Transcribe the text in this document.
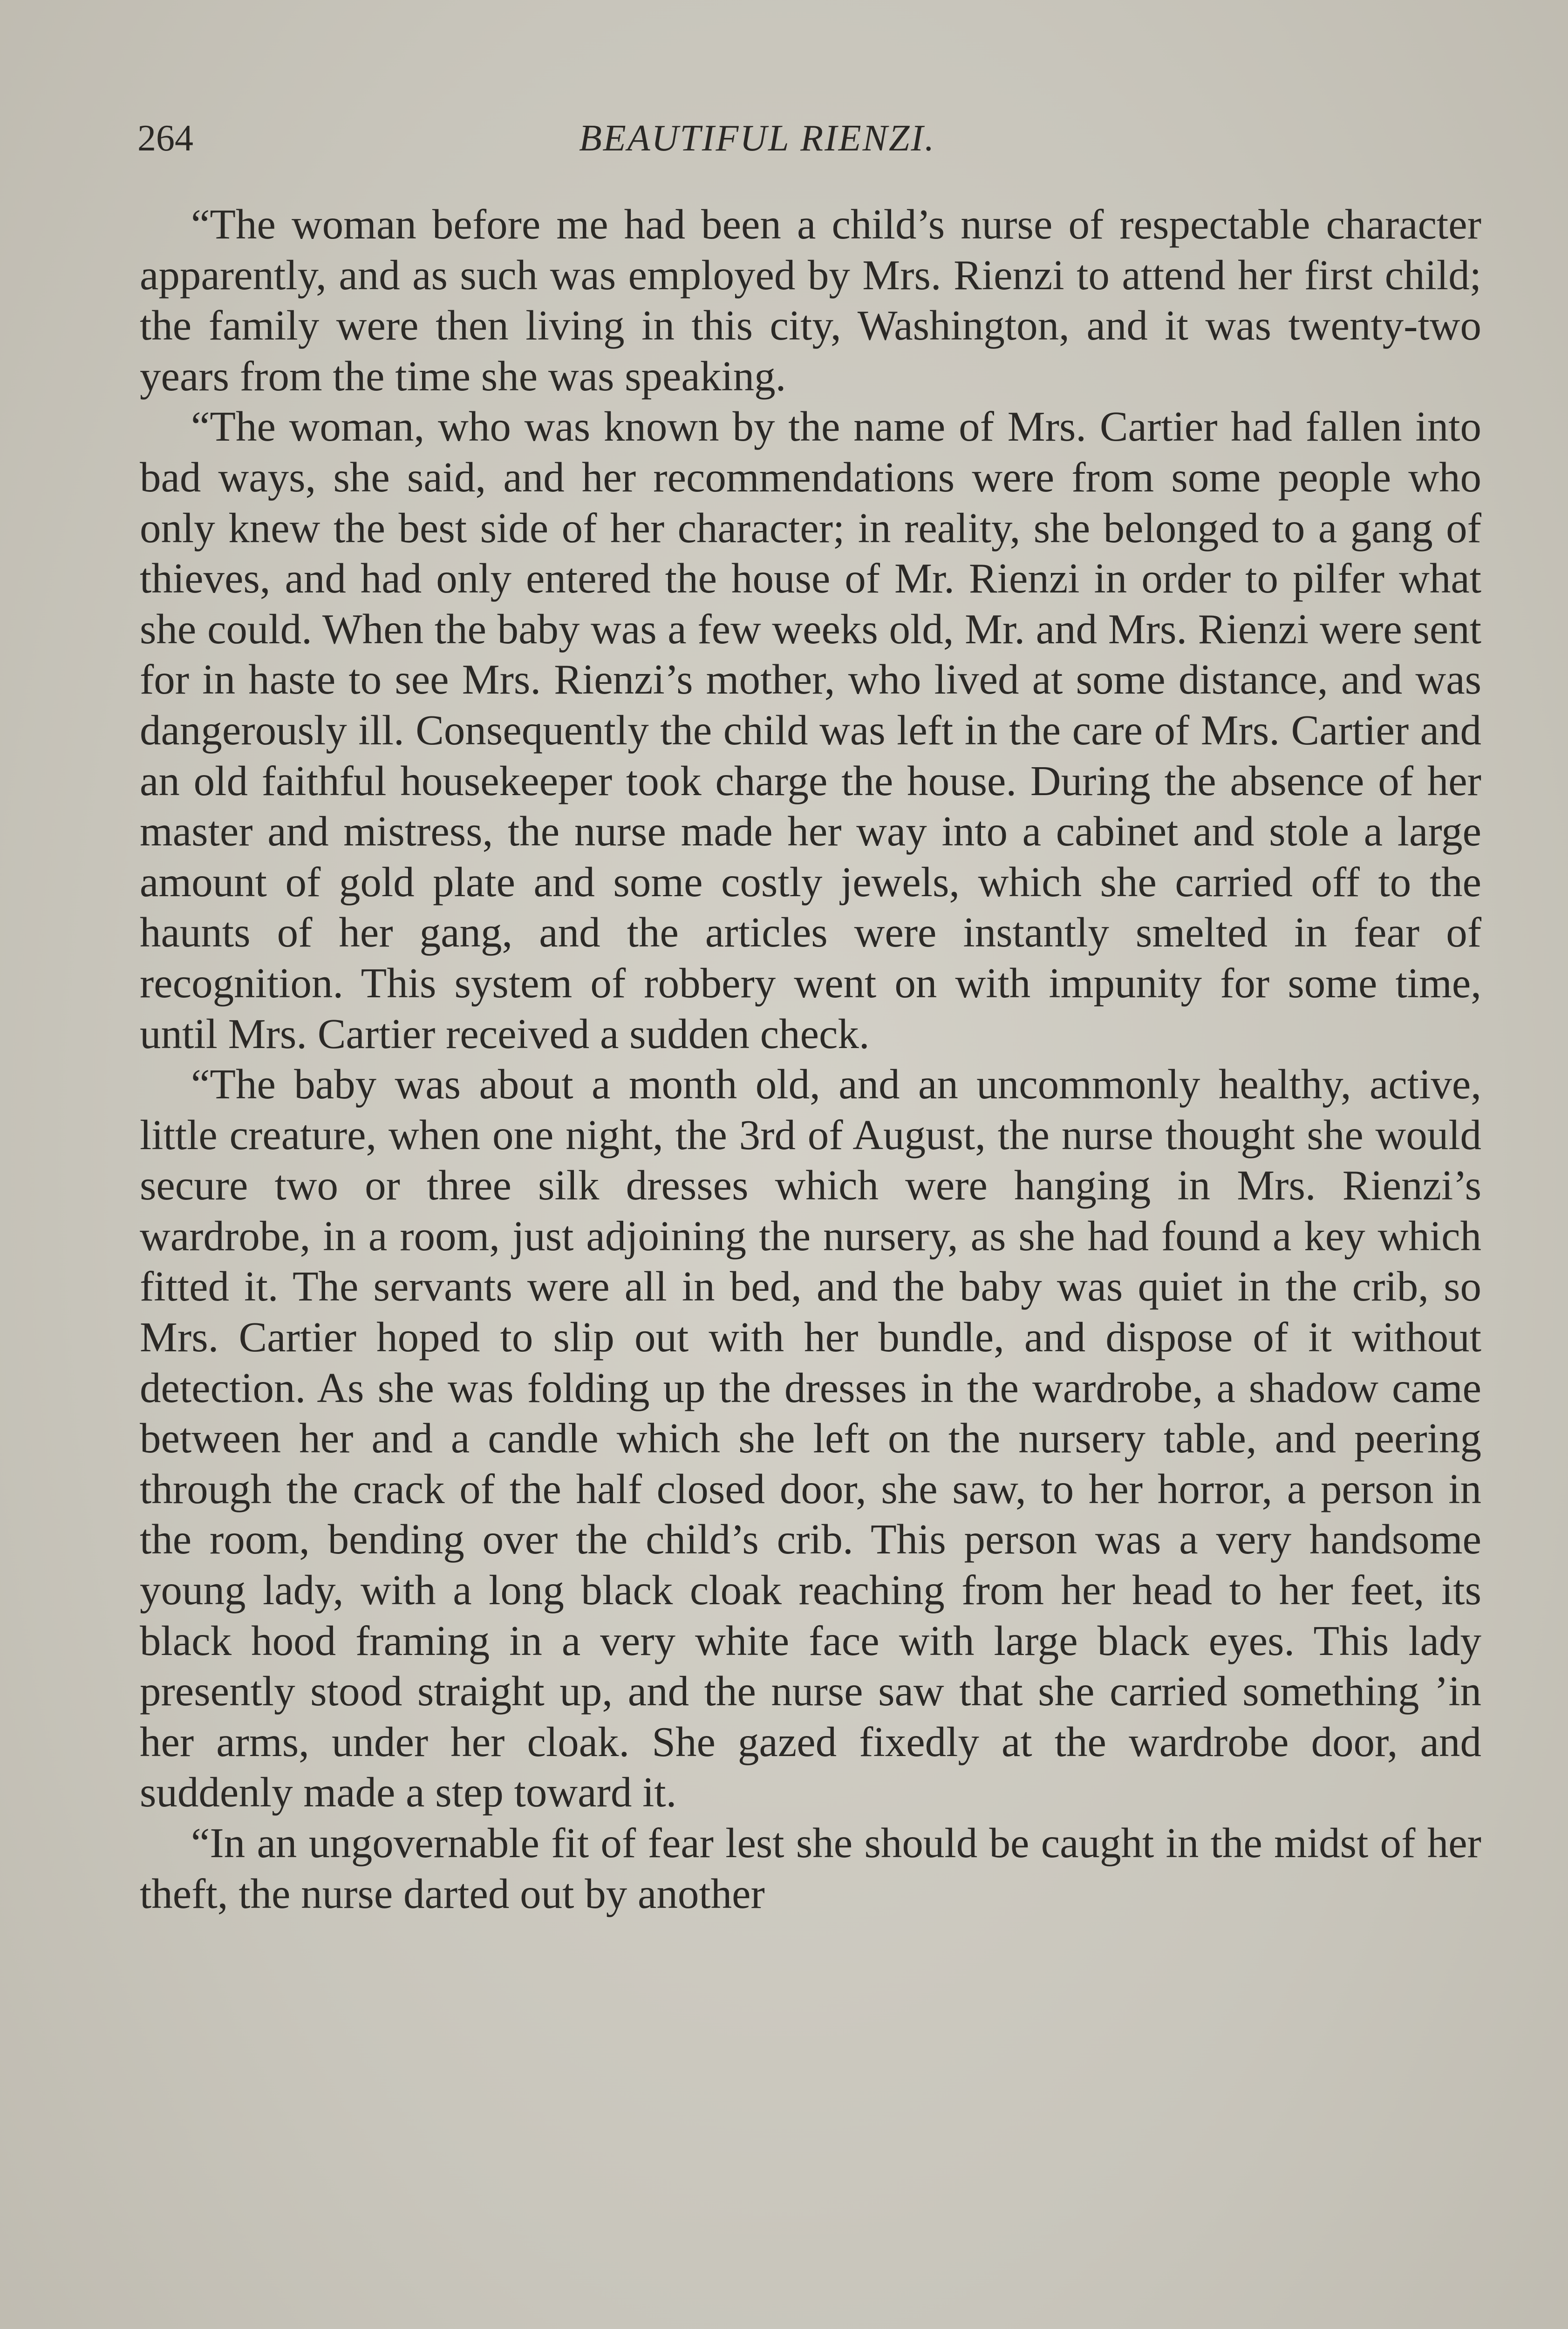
264	BEAUTIFUL RIENZI.

“The woman before me had been a child’s nurse of respectable character apparently, and as such was employed by Mrs. Rienzi to attend her first child; the family were then living in this city, Washington, and it was twenty-two years from the time she was speaking.

“The woman, who was known by the name of Mrs. Cartier had fallen into bad ways, she said, and her recommendations were from some people who only knew the best side of her character; in reality, she belonged to a gang of thieves, and had only entered the house of Mr. Rienzi in order to pilfer what she could. When the baby was a few weeks old, Mr. and Mrs. Rienzi were sent for in haste to see Mrs. Rienzi’s mother, who lived at some distance, and was dangerously ill. Consequently the child was left in the care of Mrs. Cartier and an old faithful housekeeper took charge the house. During the absence of her master and mistress, the nurse made her way into a cabinet and stole a large amount of gold plate and some costly jewels, which she carried off to the haunts of her gang, and the articles were instantly smelted in fear of recognition. This system of robbery went on with impunity for some time, until Mrs. Cartier received a sudden check.

“The baby was about a month old, and an uncommonly healthy, active, little creature, when one night, the 3rd of August, the nurse thought she would secure two or three silk dresses which were hanging in Mrs. Rienzi’s wardrobe, in a room, just adjoining the nursery, as she had found a key which fitted it. The servants were all in bed, and the baby was quiet in the crib, so Mrs. Cartier hoped to slip out with her bundle, and dispose of it without detection. As she was folding up the dresses in the wardrobe, a shadow came between her and a candle which she left on the nursery table, and peering through the crack of the half closed door, she saw, to her horror, a person in the room, bending over the child’s crib. This person was a very handsome young lady, with a long black cloak reaching from her head to her feet, its black hood framing in a very white face with large black eyes. This lady presently stood straight up, and the nurse saw that she carried something ’in her arms, under her cloak. She gazed fixedly at the wardrobe door, and suddenly made a step toward it.

“In an ungovernable fit of fear lest she should be caught in the midst of her theft, the nurse darted out by another
